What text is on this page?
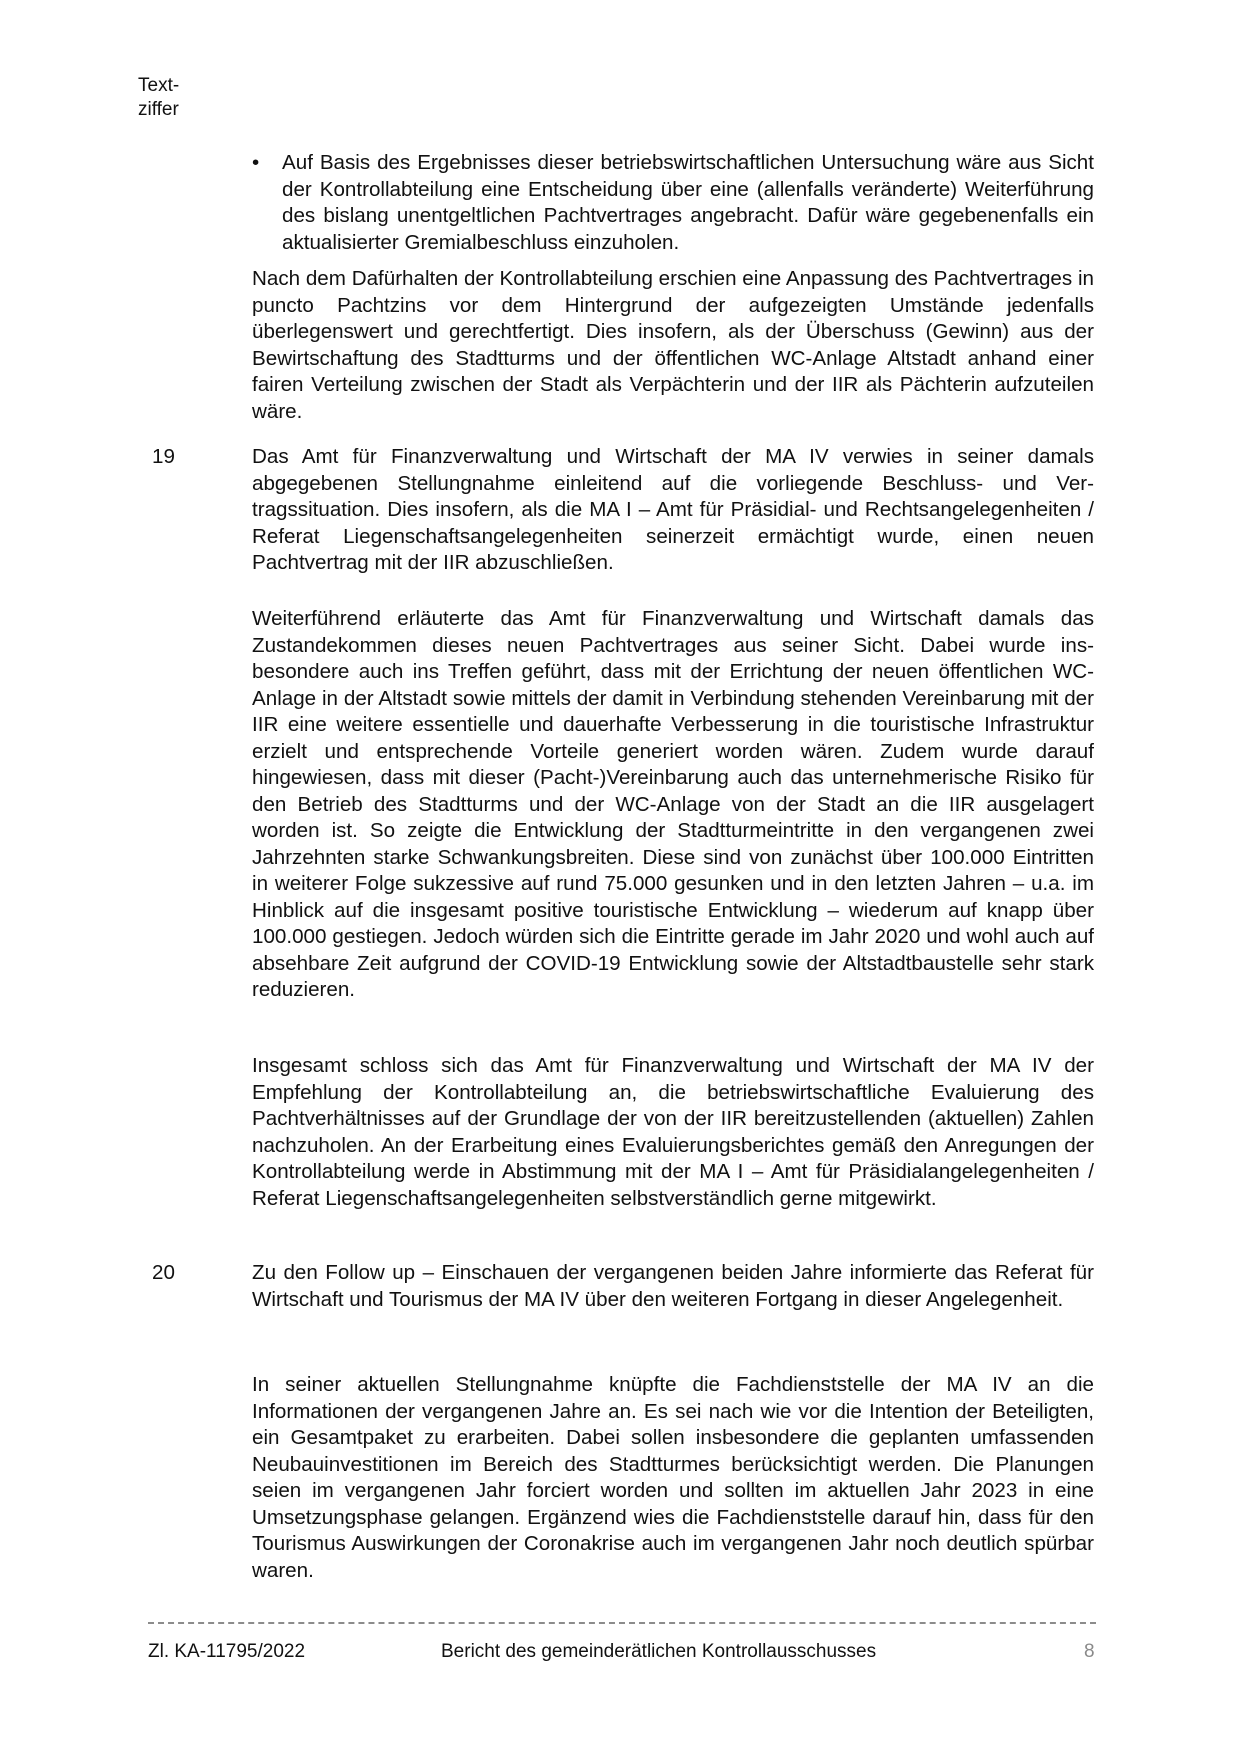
Text-
ziffer
• Auf Basis des Ergebnisses dieser betriebswirtschaftlichen Untersuchung wäre aus Sicht der Kontrollabteilung eine Entscheidung über eine (allenfalls veränderte) Weiterführung des bislang unentgeltlichen Pachtvertrages angebracht. Dafür wäre gegebenenfalls ein aktualisierter Gremialbeschluss einzuholen.
Nach dem Dafürhalten der Kontrollabteilung erschien eine Anpassung des Pachtvertrages in puncto Pachtzins vor dem Hintergrund der aufgezeigten Umstände jedenfalls überlegenswert und gerechtfertigt. Dies insofern, als der Überschuss (Gewinn) aus der Bewirtschaftung des Stadtturms und der öffentlichen WC-Anlage Altstadt anhand einer fairen Verteilung zwischen der Stadt als Verpächterin und der IIR als Pächterin aufzuteilen wäre.
19	Das Amt für Finanzverwaltung und Wirtschaft der MA IV verwies in seiner damals abgegebenen Stellungnahme einleitend auf die vorliegende Beschluss- und Vertragssituation. Dies insofern, als die MA I – Amt für Präsidial- und Rechtsangelegenheiten / Referat Liegenschaftsangelegenheiten seinerzeit ermächtigt wurde, einen neuen Pachtvertrag mit der IIR abzuschließen.
Weiterführend erläuterte das Amt für Finanzverwaltung und Wirtschaft damals das Zustandekommen dieses neuen Pachtvertrages aus seiner Sicht. Dabei wurde insbesondere auch ins Treffen geführt, dass mit der Errichtung der neuen öffentlichen WC-Anlage in der Altstadt sowie mittels der damit in Verbindung stehenden Vereinbarung mit der IIR eine weitere essentielle und dauerhafte Verbesserung in die touristische Infrastruktur erzielt und entsprechende Vorteile generiert worden wären. Zudem wurde darauf hingewiesen, dass mit dieser (Pacht-)Vereinbarung auch das unternehmerische Risiko für den Betrieb des Stadtturms und der WC-Anlage von der Stadt an die IIR ausgelagert worden ist. So zeigte die Entwicklung der Stadtturmeintritte in den vergangenen zwei Jahrzehnten starke Schwankungsbreiten. Diese sind von zunächst über 100.000 Eintritten in weiterer Folge sukzessive auf rund 75.000 gesunken und in den letzten Jahren – u.a. im Hinblick auf die insgesamt positive touristische Entwicklung – wiederum auf knapp über 100.000 gestiegen. Jedoch würden sich die Eintritte gerade im Jahr 2020 und wohl auch auf absehbare Zeit aufgrund der COVID-19 Entwicklung sowie der Altstadtbaustelle sehr stark reduzieren.
Insgesamt schloss sich das Amt für Finanzverwaltung und Wirtschaft der MA IV der Empfehlung der Kontrollabteilung an, die betriebswirtschaftliche Evaluierung des Pachtverhältnisses auf der Grundlage der von der IIR bereitzustellenden (aktuellen) Zahlen nachzuholen. An der Erarbeitung eines Evaluierungsberichtes gemäß den Anregungen der Kontrollabteilung werde in Abstimmung mit der MA I – Amt für Präsidialangelegenheiten / Referat Liegenschaftsangelegenheiten selbstverständlich gerne mitgewirkt.
20	Zu den Follow up – Einschauen der vergangenen beiden Jahre informierte das Referat für Wirtschaft und Tourismus der MA IV über den weiteren Fortgang in dieser Angelegenheit.
In seiner aktuellen Stellungnahme knüpfte die Fachdienststelle der MA IV an die Informationen der vergangenen Jahre an. Es sei nach wie vor die Intention der Beteiligten, ein Gesamtpaket zu erarbeiten. Dabei sollen insbesondere die geplanten umfassenden Neubauinvestitionen im Bereich des Stadtturmes berücksichtigt werden. Die Planungen seien im vergangenen Jahr forciert worden und sollten im aktuellen Jahr 2023 in eine Umsetzungsphase gelangen. Ergänzend wies die Fachdienststelle darauf hin, dass für den Tourismus Auswirkungen der Coronakrise auch im vergangenen Jahr noch deutlich spürbar waren.
Zl. KA-11795/2022	Bericht des gemeinderätlichen Kontrollausschusses	8
